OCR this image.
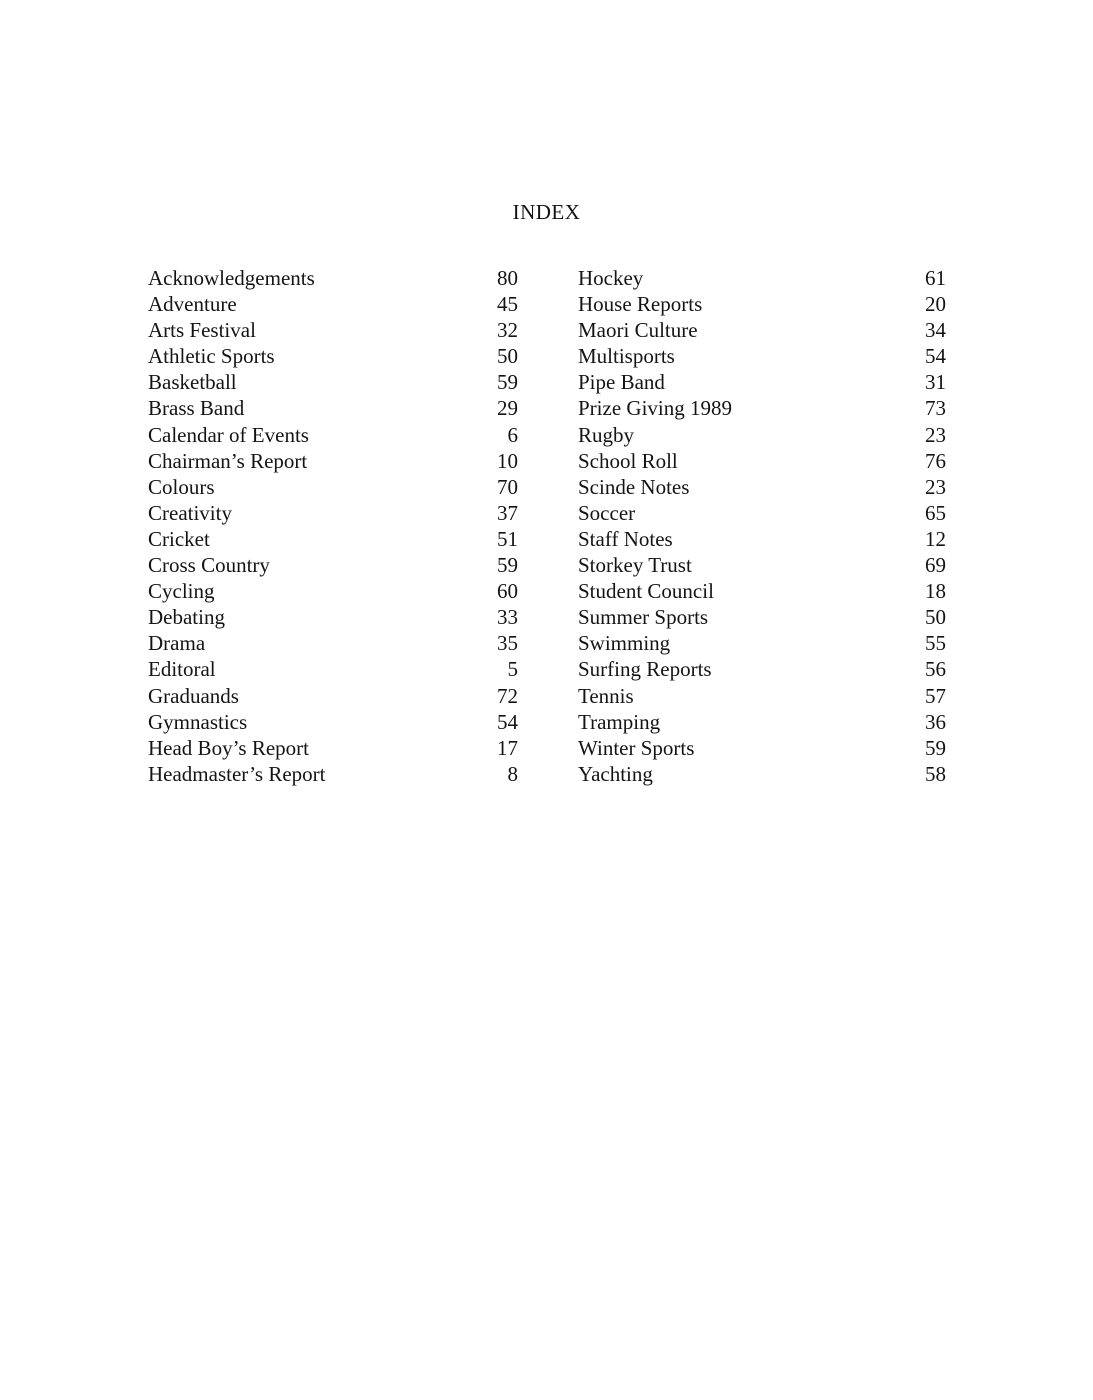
INDEX
Acknowledgements	80
Adventure	45
Arts Festival	32
Athletic Sports	50
Basketball	59
Brass Band	29
Calendar of Events	6
Chairman’s Report	10
Colours	70
Creativity	37
Cricket	51
Cross Country	59
Cycling	60
Debating	33
Drama	35
Editoral	5
Graduands	72
Gymnastics	54
Head Boy’s Report	17
Headmaster’s Report	8
Hockey	61
House Reports	20
Maori Culture	34
Multisports	54
Pipe Band	31
Prize Giving 1989	73
Rugby	23
School Roll	76
Scinde Notes	23
Soccer	65
Staff Notes	12
Storkey Trust	69
Student Council	18
Summer Sports	50
Swimming	55
Surfing Reports	56
Tennis	57
Tramping	36
Winter Sports	59
Yachting	58
